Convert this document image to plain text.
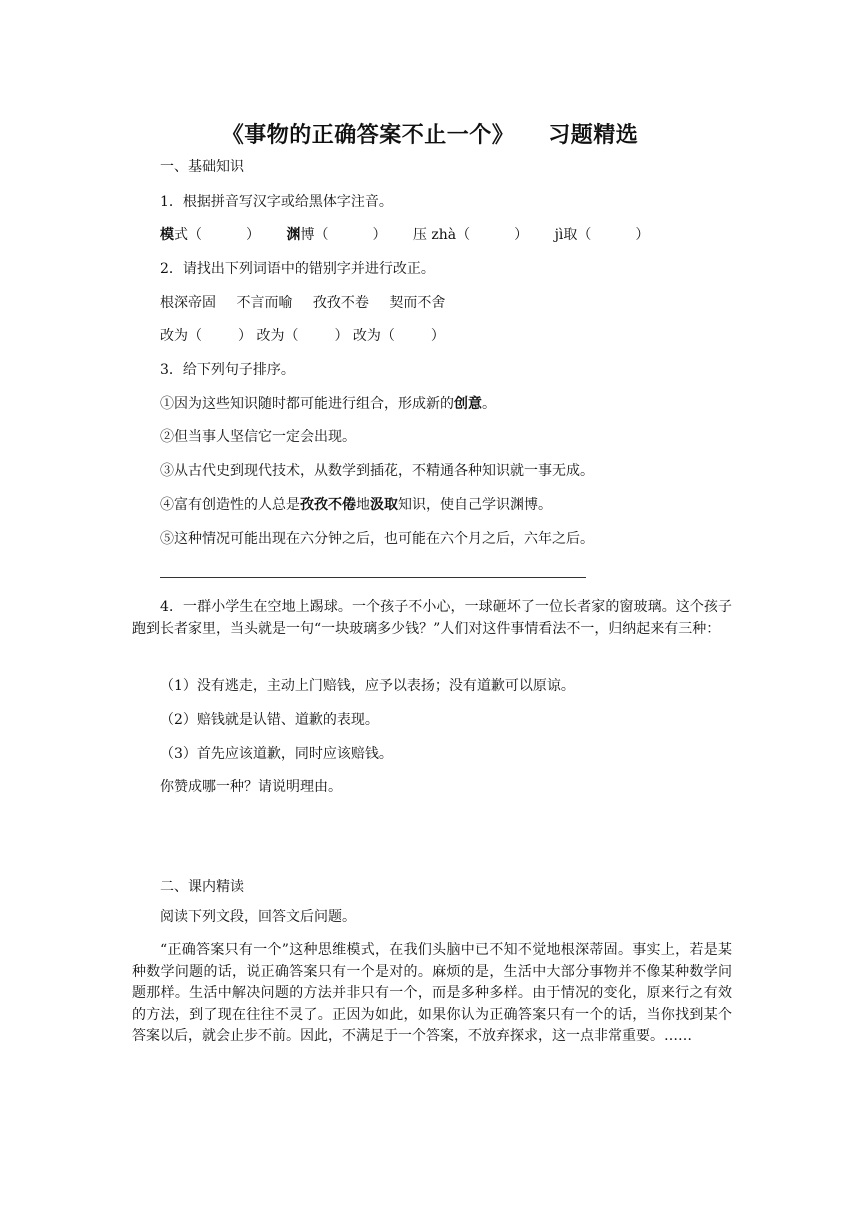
《事物的正确答案不止一个》 习题精选
一、基础知识
1．根据拼音写汉字或给黑体字注音。
模式（	） 渊博（	） 压 zhà（	） jì取（	）
2．请找出下列词语中的错别字并进行改正。
根深帝固 不言而喻 孜孜不卷 契而不舍
改为（	） 改为（	） 改为（	）
3．给下列句子排序。
①因为这些知识随时都可能进行组合，形成新的创意。
②但当事人坚信它一定会出现。
③从古代史到现代技术，从数学到插花，不精通各种知识就一事无成。
④富有创造性的人总是孜孜不倦地汲取知识，使自己学识渊博。
⑤这种情况可能出现在六分钟之后，也可能在六个月之后，六年之后。
4．一群小学生在空地上踢球。一个孩子不小心，一球砸坏了一位长者家的窗玻璃。这个孩子跑到长者家里，当头就是一句“一块玻璃多少钱？”人们对这件事情看法不一，归纳起来有三种：
（1）没有逃走，主动上门赔钱，应予以表扬；没有道歉可以原谅。
（2）赔钱就是认错、道歉的表现。
（3）首先应该道歉，同时应该赔钱。
你赞成哪一种？请说明理由。
二、课内精读
阅读下列文段，回答文后问题。
“正确答案只有一个”这种思维模式，在我们头脑中已不知不觉地根深蒂固。事实上，若是某种数学问题的话，说正确答案只有一个是对的。麻烦的是，生活中大部分事物并不像某种数学问题那样。生活中解决问题的方法并非只有一个，而是多种多样。由于情况的变化，原来行之有效的方法，到了现在往往不灵了。正因为如此，如果你认为正确答案只有一个的话，当你找到某个答案以后，就会止步不前。因此，不满足于一个答案，不放弃探求，这一点非常重要。……
